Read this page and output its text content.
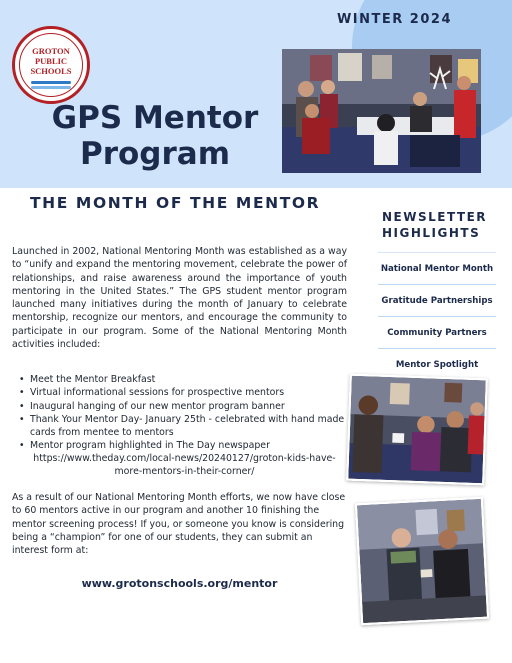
WINTER 2024
GROTON
PUBLIC
SCHOOLS
GPS Mentor
Program
THE MONTH OF THE MENTOR

Launched in 2002, National Mentoring Month was established as a way to “unify and expand the mentoring movement, celebrate the power of relationships, and raise awareness around the importance of youth mentoring in the United States.” The GPS student mentor program launched many initiatives during the month of January to celebrate mentorship, recognize our mentors, and encourage the community to participate in our program. Some of the National Mentoring Month activities included:

• Meet the Mentor Breakfast
• Virtual informational sessions for prospective mentors
• Inaugural hanging of our new mentor program banner
• Thank Your Mentor Day- January 25th - celebrated with hand made cards from mentee to mentors
• Mentor program highlighted in The Day newspaper
https://www.theday.com/local-news/20240127/groton-kids-have-
more-mentors-in-their-corner/

As a result of our National Mentoring Month efforts, we now have close to 60 mentors active in our program and another 10 finishing the mentor screening process! If you, or someone you know is considering being a “champion” for one of our students, they can submit an interest form at:

www.grotonschools.org/mentor
NEWSLETTER
HIGHLIGHTS
National Mentor Month
Gratitude Partnerships
Community Partners
Mentor Spotlight
